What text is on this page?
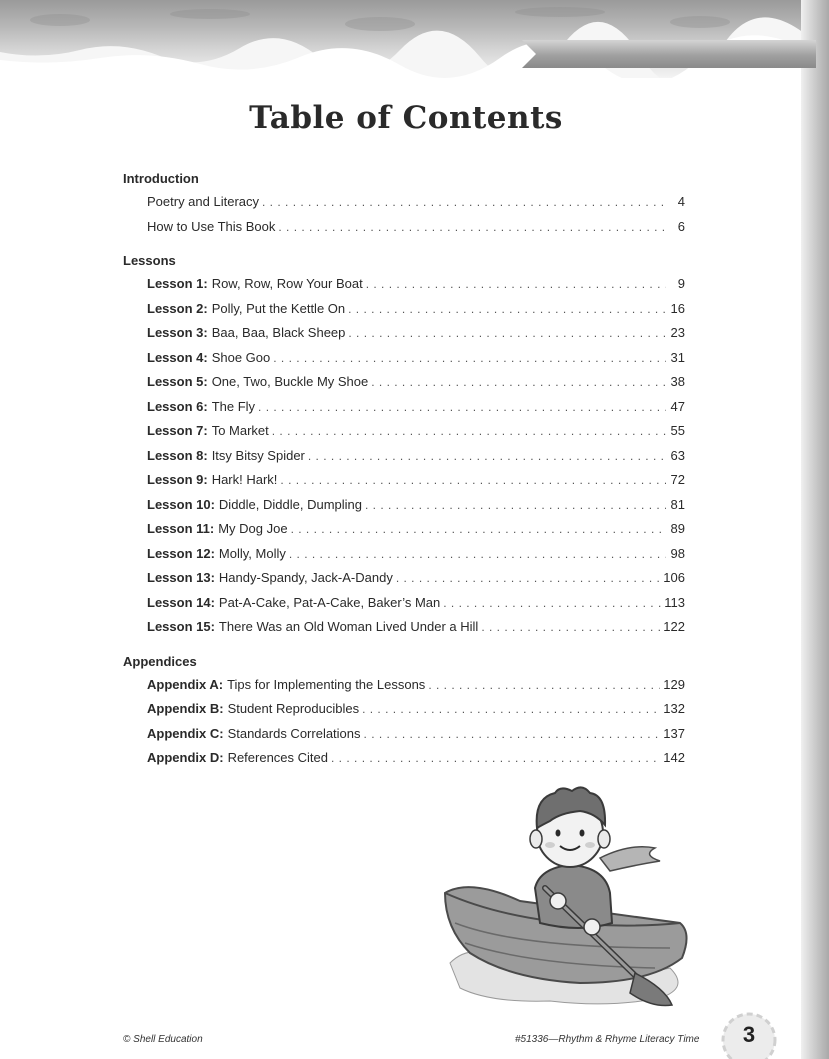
Table of Contents
Introduction
Poetry and Literacy . . .	4
How to Use This Book . . .	6
Lessons
Lesson 1: Row, Row, Row Your Boat . . .	9
Lesson 2: Polly, Put the Kettle On . . .	16
Lesson 3: Baa, Baa, Black Sheep . . .	23
Lesson 4: Shoe Goo . . .	31
Lesson 5: One, Two, Buckle My Shoe . . .	38
Lesson 6: The Fly . . .	47
Lesson 7: To Market . . .	55
Lesson 8: Itsy Bitsy Spider . . .	63
Lesson 9: Hark! Hark! . . .	72
Lesson 10: Diddle, Diddle, Dumpling . . .	81
Lesson 11: My Dog Joe . . .	89
Lesson 12: Molly, Molly . . .	98
Lesson 13: Handy-Spandy, Jack-A-Dandy . . .	106
Lesson 14: Pat-A-Cake, Pat-A-Cake, Baker’s Man . . .	113
Lesson 15: There Was an Old Woman Lived Under a Hill . . .	122
Appendices
Appendix A: Tips for Implementing the Lessons . . .	129
Appendix B: Student Reproducibles . . .	132
Appendix C: Standards Correlations . . .	137
Appendix D: References Cited . . .	142
© Shell Education	#51336—Rhythm & Rhyme Literacy Time	3
